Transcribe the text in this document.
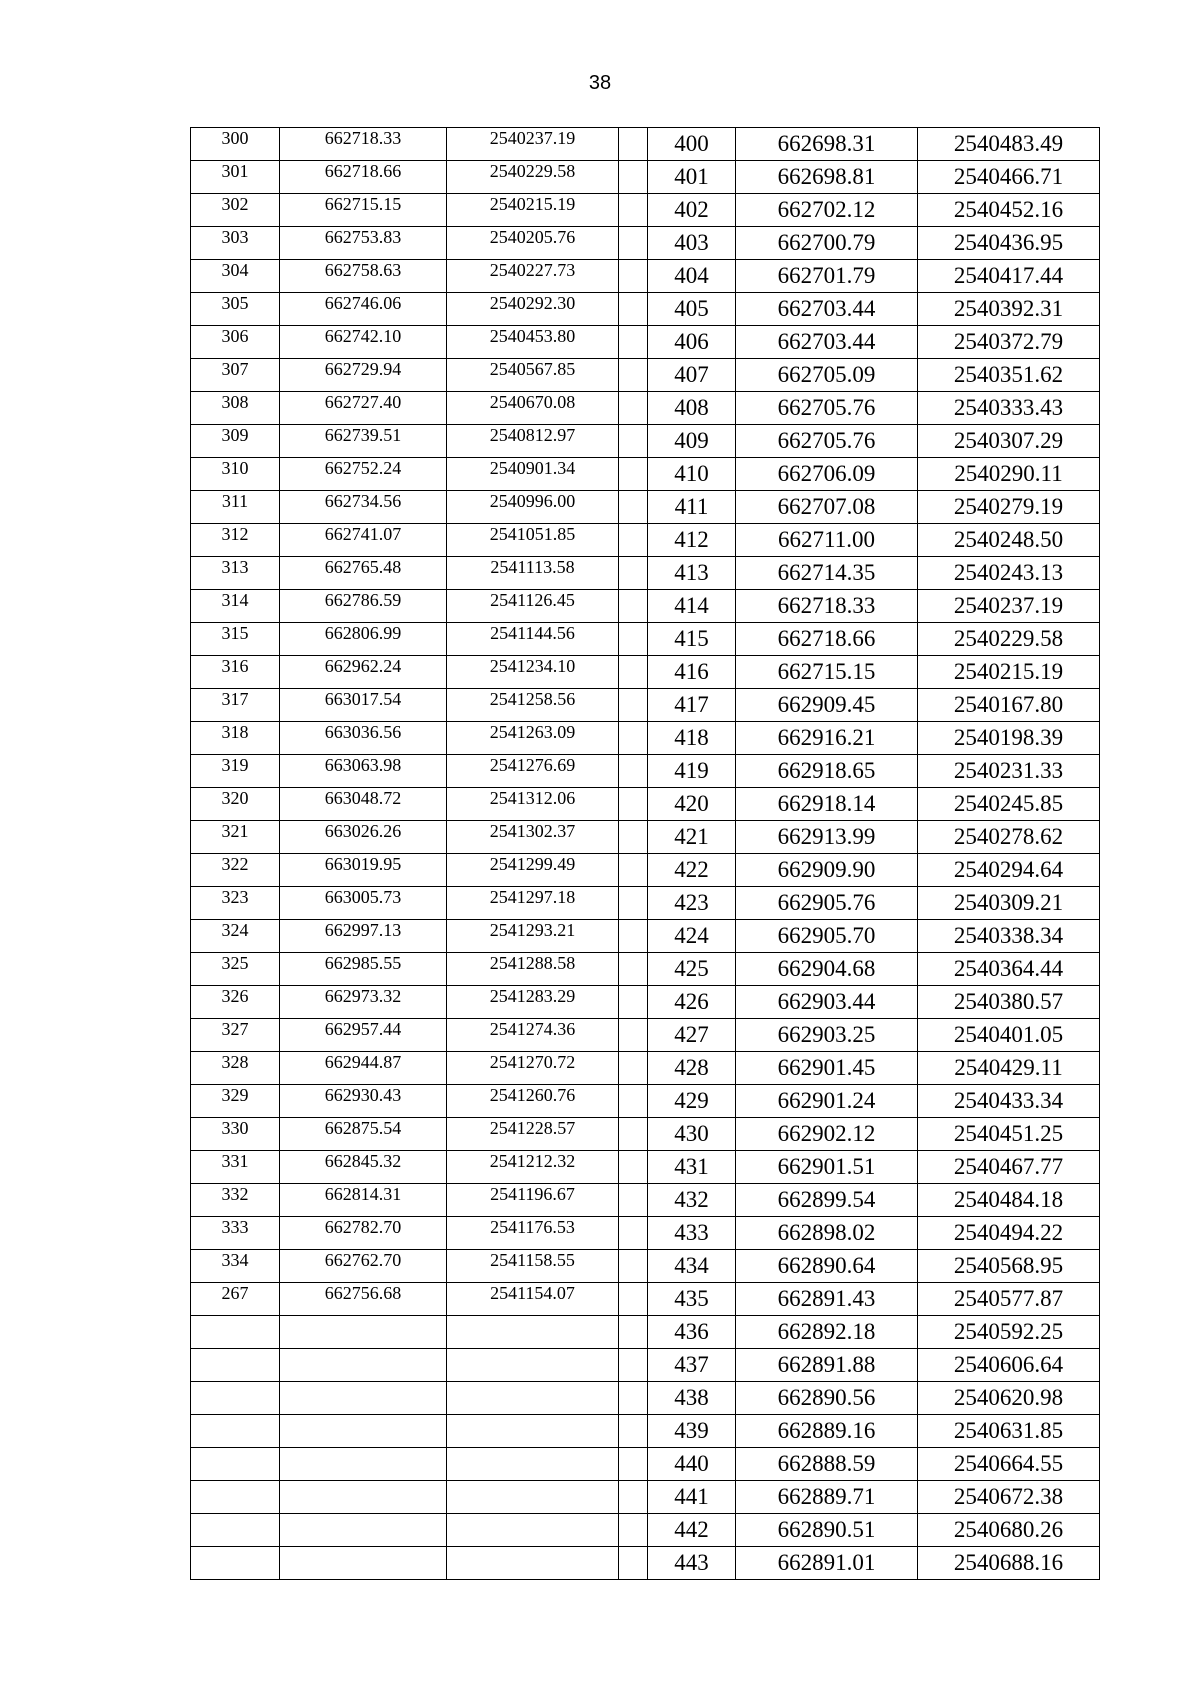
38
300	662718.33	2540237.19		400	662698.31	2540483.49
301	662718.66	2540229.58		401	662698.81	2540466.71
302	662715.15	2540215.19		402	662702.12	2540452.16
303	662753.83	2540205.76		403	662700.79	2540436.95
304	662758.63	2540227.73		404	662701.79	2540417.44
305	662746.06	2540292.30		405	662703.44	2540392.31
306	662742.10	2540453.80		406	662703.44	2540372.79
307	662729.94	2540567.85		407	662705.09	2540351.62
308	662727.40	2540670.08		408	662705.76	2540333.43
309	662739.51	2540812.97		409	662705.76	2540307.29
310	662752.24	2540901.34		410	662706.09	2540290.11
311	662734.56	2540996.00		411	662707.08	2540279.19
312	662741.07	2541051.85		412	662711.00	2540248.50
313	662765.48	2541113.58		413	662714.35	2540243.13
314	662786.59	2541126.45		414	662718.33	2540237.19
315	662806.99	2541144.56		415	662718.66	2540229.58
316	662962.24	2541234.10		416	662715.15	2540215.19
317	663017.54	2541258.56		417	662909.45	2540167.80
318	663036.56	2541263.09		418	662916.21	2540198.39
319	663063.98	2541276.69		419	662918.65	2540231.33
320	663048.72	2541312.06		420	662918.14	2540245.85
321	663026.26	2541302.37		421	662913.99	2540278.62
322	663019.95	2541299.49		422	662909.90	2540294.64
323	663005.73	2541297.18		423	662905.76	2540309.21
324	662997.13	2541293.21		424	662905.70	2540338.34
325	662985.55	2541288.58		425	662904.68	2540364.44
326	662973.32	2541283.29		426	662903.44	2540380.57
327	662957.44	2541274.36		427	662903.25	2540401.05
328	662944.87	2541270.72		428	662901.45	2540429.11
329	662930.43	2541260.76		429	662901.24	2540433.34
330	662875.54	2541228.57		430	662902.12	2540451.25
331	662845.32	2541212.32		431	662901.51	2540467.77
332	662814.31	2541196.67		432	662899.54	2540484.18
333	662782.70	2541176.53		433	662898.02	2540494.22
334	662762.70	2541158.55		434	662890.64	2540568.95
267	662756.68	2541154.07		435	662891.43	2540577.87
				436	662892.18	2540592.25
				437	662891.88	2540606.64
				438	662890.56	2540620.98
				439	662889.16	2540631.85
				440	662888.59	2540664.55
				441	662889.71	2540672.38
				442	662890.51	2540680.26
				443	662891.01	2540688.16
